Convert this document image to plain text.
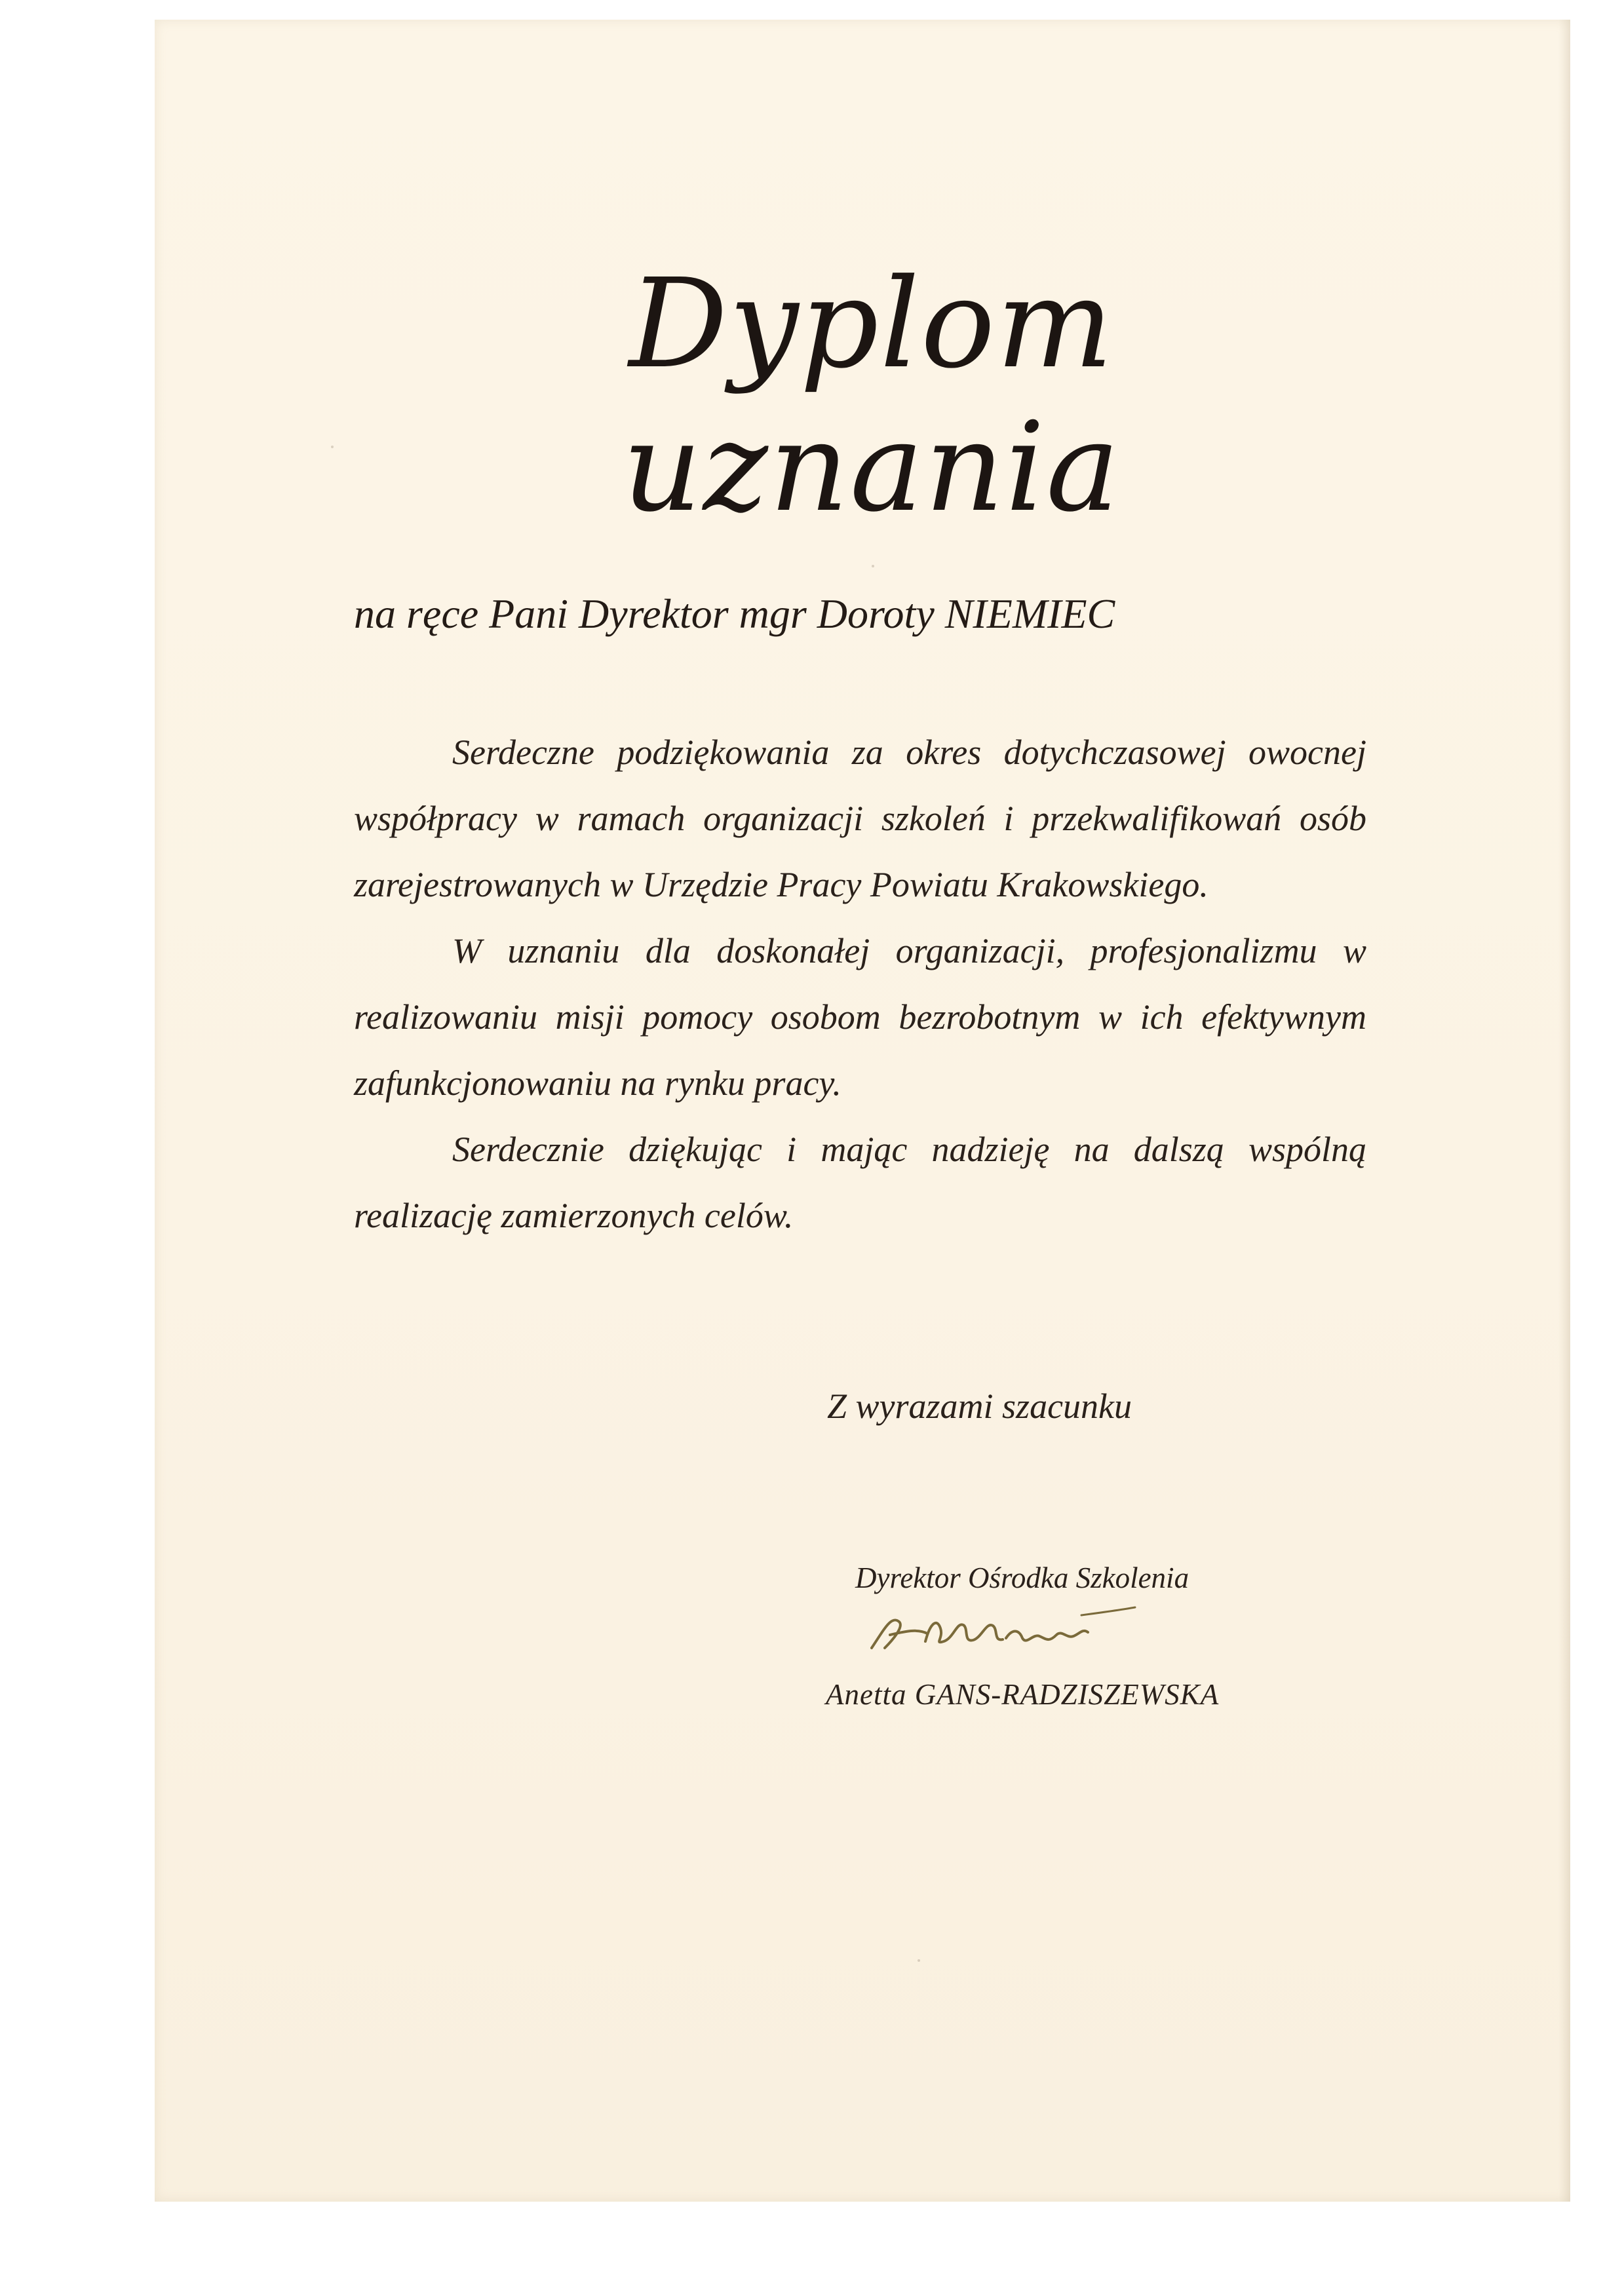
Dyplom uznania
na ręce Pani Dyrektor mgr Doroty NIEMIEC

Serdeczne podziękowania za okres dotychczasowej owocnej współpracy w ramach organizacji szkoleń i przekwalifikowań osób zarejestrowanych w Urzędzie Pracy Powiatu Krakowskiego.

W uznaniu dla doskonałej organizacji, profesjonalizmu w realizowaniu misji pomocy osobom bezrobotnym w ich efektywnym zafunkcjonowaniu na rynku pracy.

Serdecznie dziękując i mając nadzieję na dalszą wspólną realizację zamierzonych celów.

Z wyrazami szacunku
Dyrektor Ośrodka Szkolenia
Anetta GANS-RADZISZEWSKA
